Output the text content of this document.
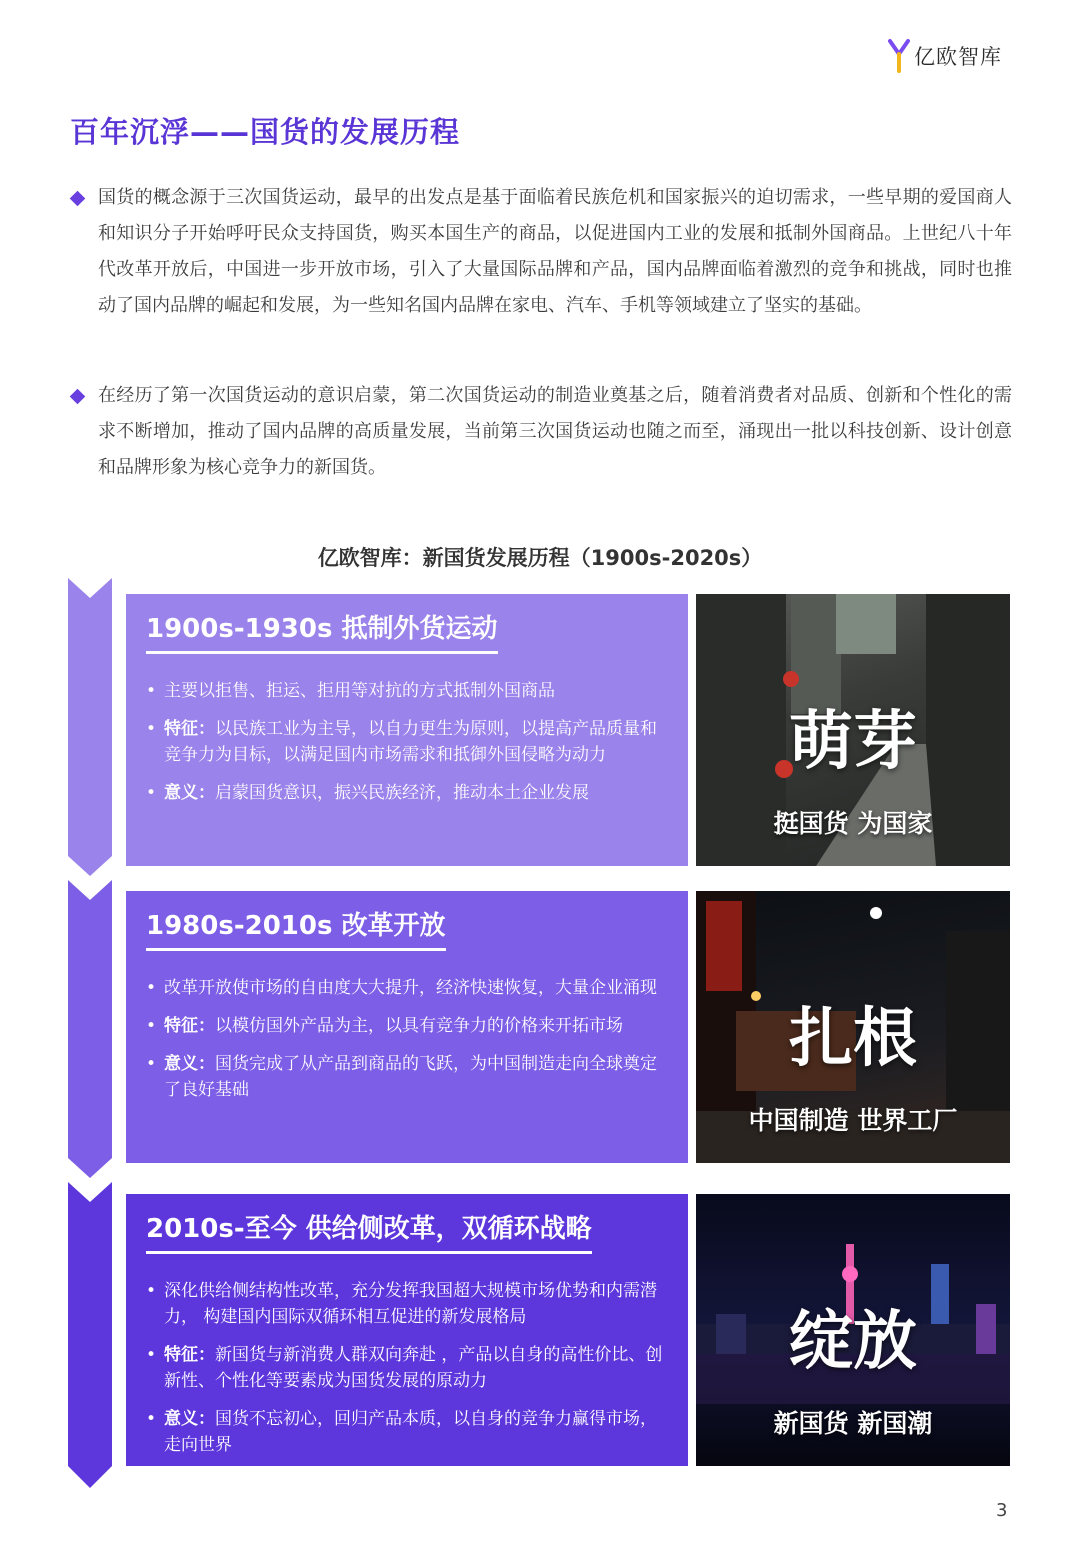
亿欧智库
百年沉浮——国货的发展历程
国货的概念源于三次国货运动，最早的出发点是基于面临着民族危机和国家振兴的迫切需求，一些早期的爱国商人和知识分子开始呼吁民众支持国货，购买本国生产的商品，以促进国内工业的发展和抵制外国商品。上世纪八十年代改革开放后，中国进一步开放市场，引入了大量国际品牌和产品，国内品牌面临着激烈的竞争和挑战，同时也推动了国内品牌的崛起和发展，为一些知名国内品牌在家电、汽车、手机等领域建立了坚实的基础。
在经历了第一次国货运动的意识启蒙，第二次国货运动的制造业奠基之后，随着消费者对品质、创新和个性化的需求不断增加，推动了国内品牌的高质量发展，当前第三次国货运动也随之而至，涌现出一批以科技创新、设计创意和品牌形象为核心竞争力的新国货。
亿欧智库：新国货发展历程（1900s-2020s）
1900s-1930s 抵制外货运动
• 主要以拒售、拒运、拒用等对抗的方式抵制外国商品
• 特征：以民族工业为主导，以自力更生为原则，以提高产品质量和竞争力为目标，以满足国内市场需求和抵御外国侵略为动力
• 意义：启蒙国货意识，振兴民族经济，推动本土企业发展
萌芽
挺国货 为国家
1980s-2010s 改革开放
• 改革开放使市场的自由度大大提升，经济快速恢复，大量企业涌现
• 特征：以模仿国外产品为主，以具有竞争力的价格来开拓市场
• 意义：国货完成了从产品到商品的飞跃，为中国制造走向全球奠定了良好基础
扎根
中国制造 世界工厂
2010s-至今 供给侧改革，双循环战略
• 深化供给侧结构性改革，充分发挥我国超大规模市场优势和内需潜力， 构建国内国际双循环相互促进的新发展格局
• 特征：新国货与新消费人群双向奔赴 ，产品以自身的高性价比、创新性、个性化等要素成为国货发展的原动力
• 意义：国货不忘初心，回归产品本质，以自身的竞争力赢得市场，走向世界
绽放
新国货 新国潮
3
